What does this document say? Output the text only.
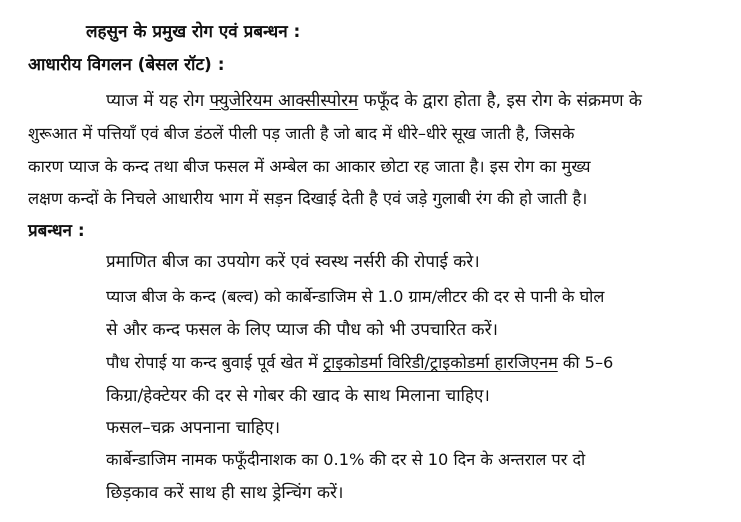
लहसुन के प्रमुख रोग एवं प्रबन्धन :
आधारीय विगलन (बेसल रॉट) :
प्याज में यह रोग फ्युजेरियम आक्सीस्पोरम फफूँद के द्वारा होता है, इस रोग के संक्रमण के
शुरूआत में पत्तियाँ एवं बीज डंठलें पीली पड़ जाती है जो बाद में धीरे–धीरे सूख जाती है, जिसके
कारण प्याज के कन्द तथा बीज फसल में अम्बेल का आकार छोटा रह जाता है। इस रोग का मुख्य
लक्षण कन्दों के निचले आधारीय भाग में सड़न दिखाई देती है एवं जड़े गुलाबी रंग की हो जाती है।
प्रबन्धन :
प्रमाणित बीज का उपयोग करें एवं स्वस्थ नर्सरी की रोपाई करे।
प्याज बीज के कन्द (बल्व) को कार्बेन्डाजिम से 1.0 ग्राम/लीटर की दर से पानी के घोल
से और कन्द फसल के लिए प्याज की पौध को भी उपचारित करें।
पौध रोपाई या कन्द बुवाई पूर्व खेत में ट्राइकोडर्मा विरिडी/ट्राइकोडर्मा हारजिएनम की 5–6
किग्रा/हेक्टेयर की दर से गोबर की खाद के साथ मिलाना चाहिए।
फसल–चक्र अपनाना चाहिए।
कार्बेन्डाजिम नामक फफूँदीनाशक का 0.1% की दर से 10 दिन के अन्तराल पर दो
छिड़काव करें साथ ही साथ ड्रेन्चिंग करें।
